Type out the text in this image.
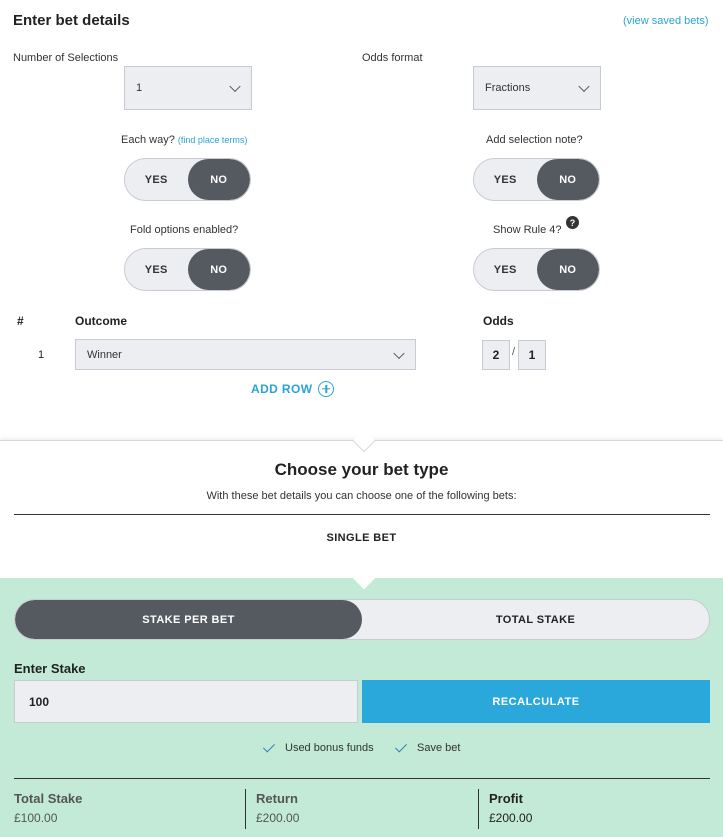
Enter bet details	(view saved bets)
Number of Selections
1
Odds format
Fractions
Each way? (find place terms)
YES	NO
Add selection note?
YES	NO
Fold options enabled?
YES	NO
Show Rule 4?
?
YES	NO
#	Outcome	Odds
1	Winner	2	/	1
ADD ROW
Choose your bet type
With these bet details you can choose one of the following bets:
SINGLE BET
STAKE PER BET	TOTAL STAKE
Enter Stake
100	RECALCULATE
Used bonus funds	Save bet
Total Stake
£100.00
Return
£200.00
Profit
£200.00
